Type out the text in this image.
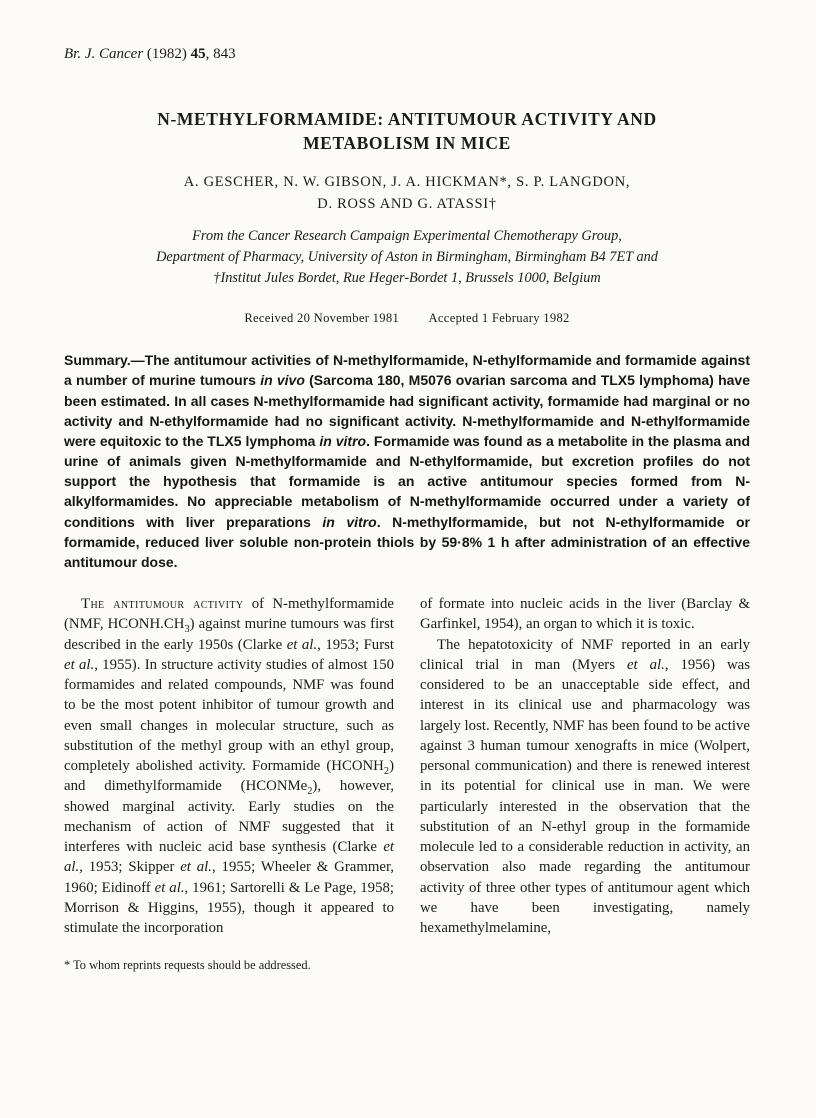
Br. J. Cancer (1982) 45, 843
N-METHYLFORMAMIDE: ANTITUMOUR ACTIVITY AND
METABOLISM IN MICE
A. GESCHER, N. W. GIBSON, J. A. HICKMAN*, S. P. LANGDON,
D. ROSS AND G. ATASSI†
From the Cancer Research Campaign Experimental Chemotherapy Group,
Department of Pharmacy, University of Aston in Birmingham, Birmingham B4 7ET and
†Institut Jules Bordet, Rue Heger-Bordet 1, Brussels 1000, Belgium
Received 20 November 1981 Accepted 1 February 1982

Summary.—The antitumour activities of N-methylformamide, N-ethylformamide and formamide against a number of murine tumours in vivo (Sarcoma 180, M5076 ovarian sarcoma and TLX5 lymphoma) have been estimated. In all cases N-methylformamide had significant activity, formamide had marginal or no activity and N-ethylformamide had no significant activity. N-methylformamide and N-ethylformamide were equitoxic to the TLX5 lymphoma in vitro. Formamide was found as a metabolite in the plasma and urine of animals given N-methylformamide and N-ethylformamide, but excretion profiles do not support the hypothesis that formamide is an active antitumour species formed from N-alkylformamides. No appreciable metabolism of N-methylformamide occurred under a variety of conditions with liver preparations in vitro. N-methylformamide, but not N-ethylformamide or formamide, reduced liver soluble non-protein thiols by 59·8% 1 h after administration of an effective antitumour dose.

The antitumour activity of N-methylformamide (NMF, $HCONH.CH_3$) against murine tumours was first described in the early 1950s (Clarke et al., 1953; Furst et al., 1955). In structure activity studies of almost 150 formamides and related compounds, NMF was found to be the most potent inhibitor of tumour growth and even small changes in molecular structure, such as substitution of the methyl group with an ethyl group, completely abolished activity. Formamide $(HCONH_2)$ and dimethylformamide (HCONMe$_2$), however, showed marginal activity. Early studies on the mechanism of action of NMF suggested that it interferes with nucleic acid base synthesis (Clarke et al., 1953; Skipper et al., 1955; Wheeler & Grammer, 1960; Eidinoff et al., 1961; Sartorelli & Le Page, 1958; Morrison & Higgins, 1955), though it appeared to stimulate the incorporation

of formate into nucleic acids in the liver (Barclay & Garfinkel, 1954), an organ to which it is toxic.

The hepatotoxicity of NMF reported in an early clinical trial in man (Myers et al., 1956) was considered to be an unacceptable side effect, and interest in its clinical use and pharmacology was largely lost. Recently, NMF has been found to be active against 3 human tumour xenografts in mice (Wolpert, personal communication) and there is renewed interest in its potential for clinical use in man. We were particularly interested in the observation that the substitution of an N-ethyl group in the formamide molecule led to a considerable reduction in activity, an observation also made regarding the antitumour activity of three other types of antitumour agent which we have been investigating, namely hexamethylmelamine,

* To whom reprints requests should be addressed.
